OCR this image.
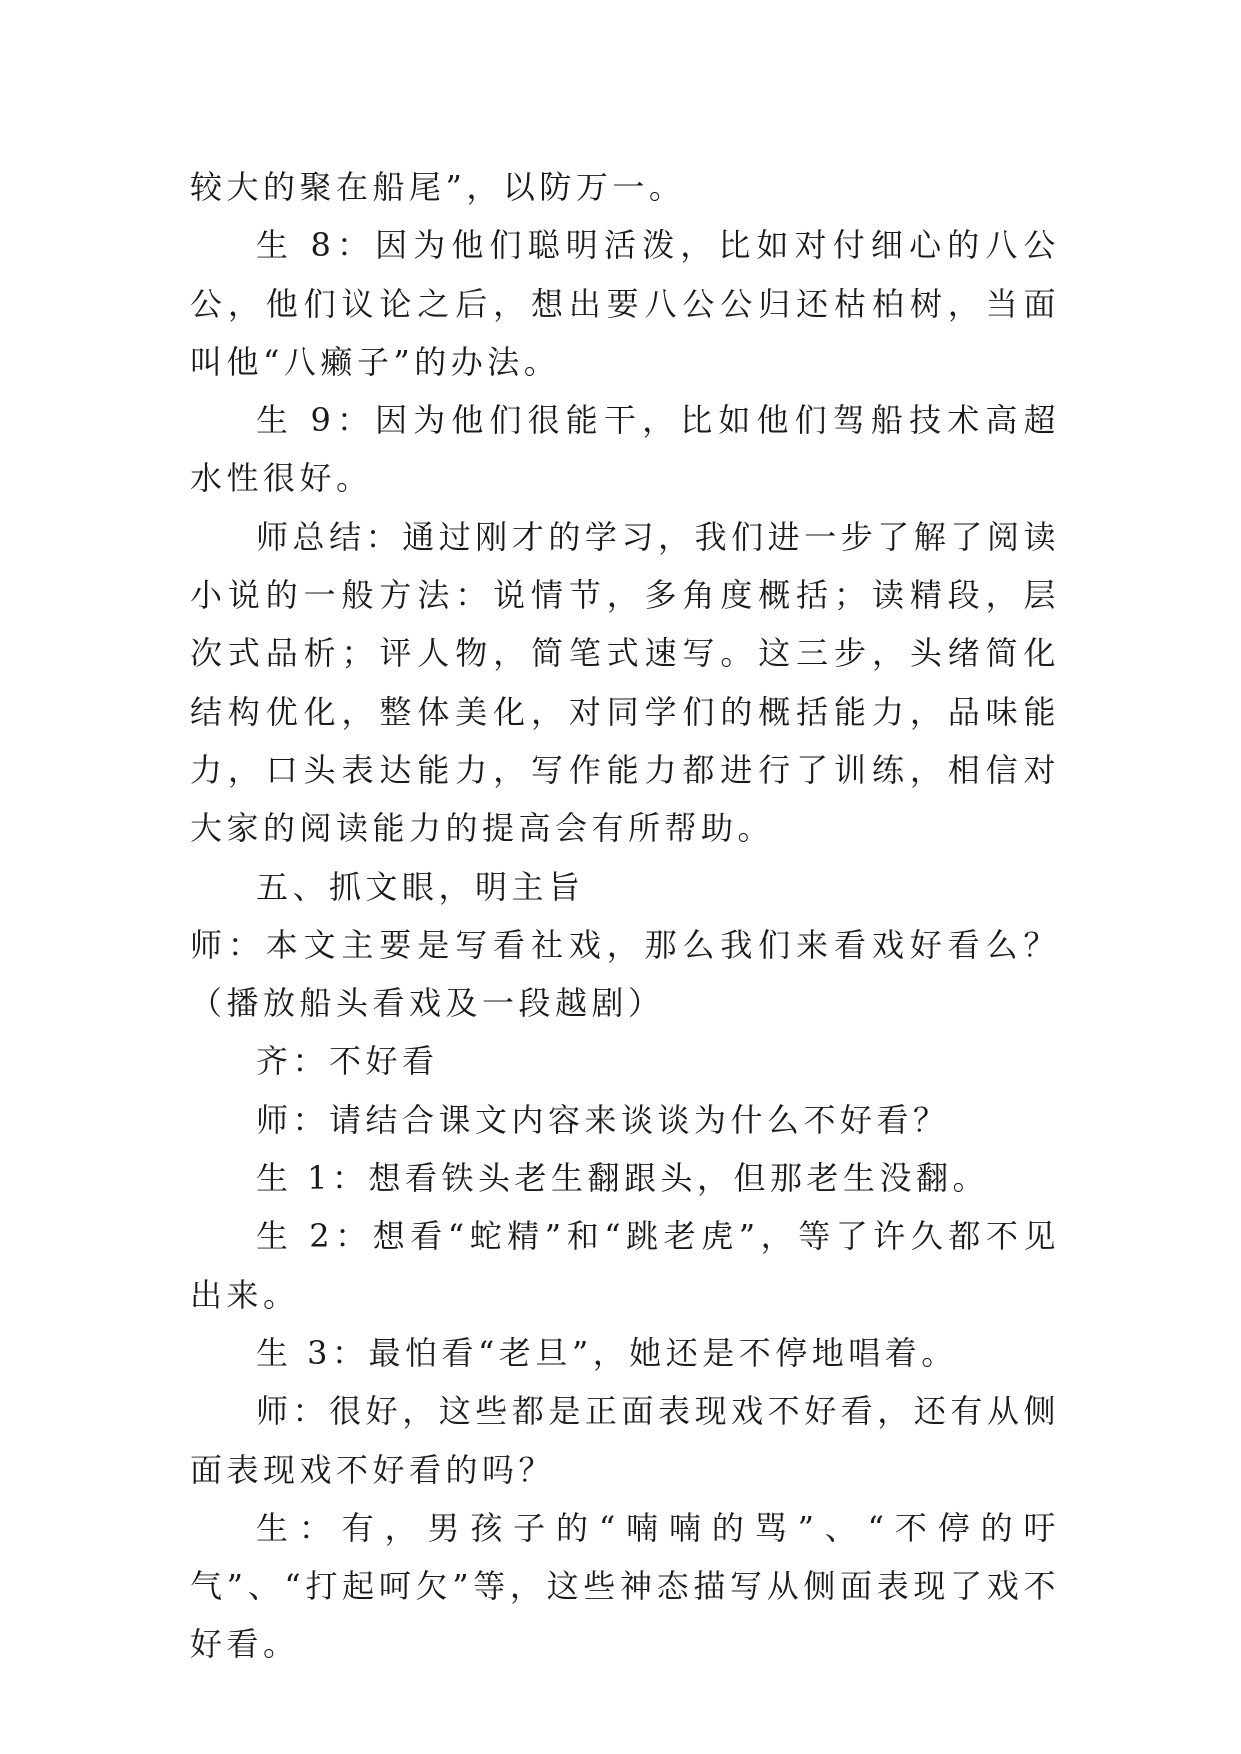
较大的聚在船尾”，以防万一。

生 8：因为他们聪明活泼，比如对付细心的八公公，他们议论之后，想出要八公公归还枯柏树，当面叫他“八癞子”的办法。

生 9：因为他们很能干，比如他们驾船技术高超水性很好。

师总结：通过刚才的学习，我们进一步了解了阅读小说的一般方法：说情节，多角度概括；读精段，层次式品析；评人物，简笔式速写。这三步，头绪简化结构优化，整体美化，对同学们的概括能力，品味能力，口头表达能力，写作能力都进行了训练，相信对大家的阅读能力的提高会有所帮助。

五、抓文眼，明主旨

师：本文主要是写看社戏，那么我们来看戏好看么？（播放船头看戏及一段越剧）

齐：不好看

师：请结合课文内容来谈谈为什么不好看？

生 1：想看铁头老生翻跟头，但那老生没翻。

生 2：想看“蛇精”和“跳老虎”，等了许久都不见出来。

生 3：最怕看“老旦”，她还是不停地唱着。

师：很好，这些都是正面表现戏不好看，还有从侧面表现戏不好看的吗？

生：有，男孩子的“喃喃的骂”、“不停的吁气”、“打起呵欠”等，这些神态描写从侧面表现了戏不好看。
